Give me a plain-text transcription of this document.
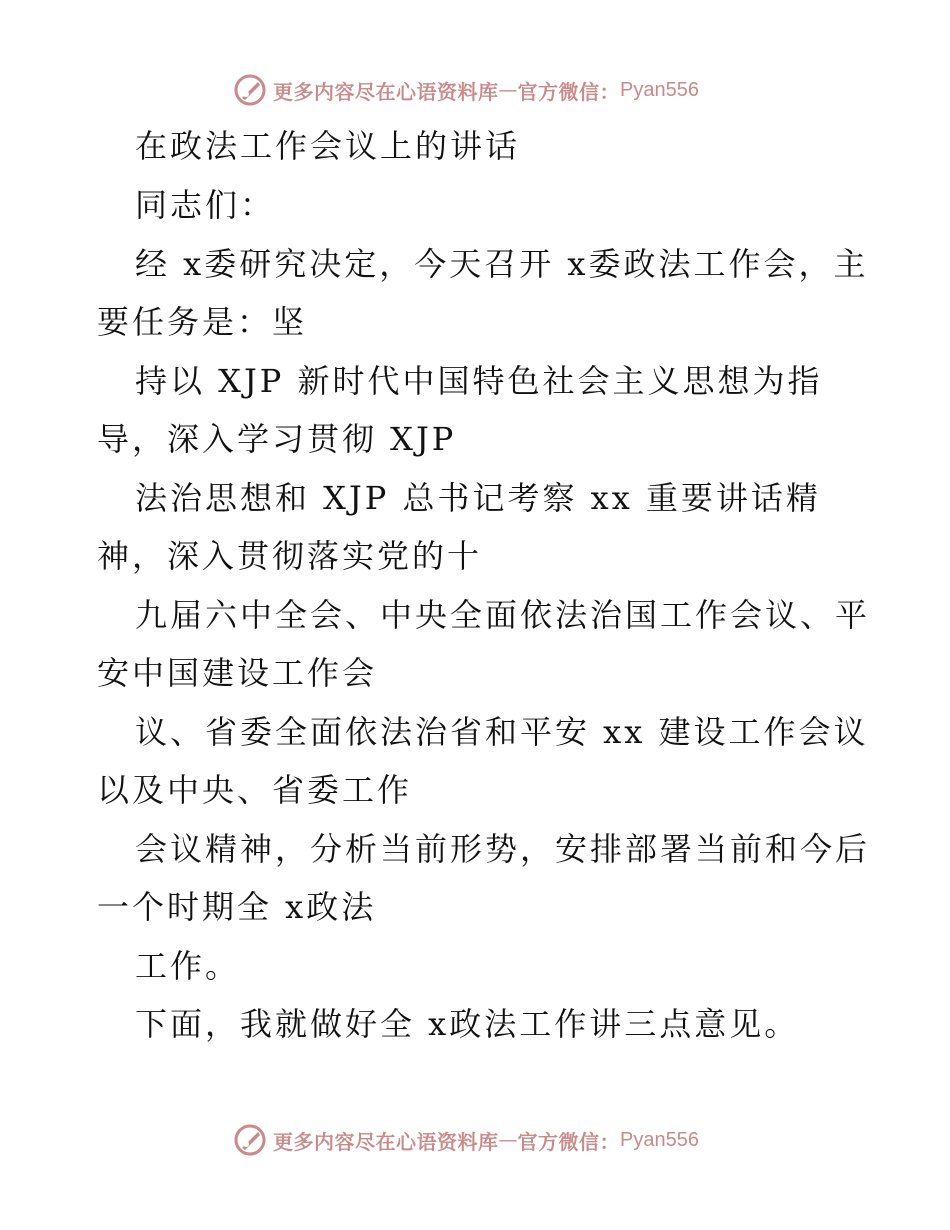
更多内容尽在心语资料库 — 官方微信： Pyan556
在政法工作会议上的讲话
同志们：
经 x委研究决定，今天召开 x委政法工作会，主
要任务是：坚
持以 XJP 新时代中国特色社会主义思想为指
导，深入学习贯彻 XJP
法治思想和 XJP 总书记考察 xx 重要讲话精
神，深入贯彻落实党的十
九届六中全会、中央全面依法治国工作会议、平
安中国建设工作会
议、省委全面依法治省和平安 xx 建设工作会议
以及中央、省委工作
会议精神，分析当前形势，安排部署当前和今后
一个时期全 x政法
工作。
下面，我就做好全 x政法工作讲三点意见。
更多内容尽在心语资料库 — 官方微信： Pyan556
